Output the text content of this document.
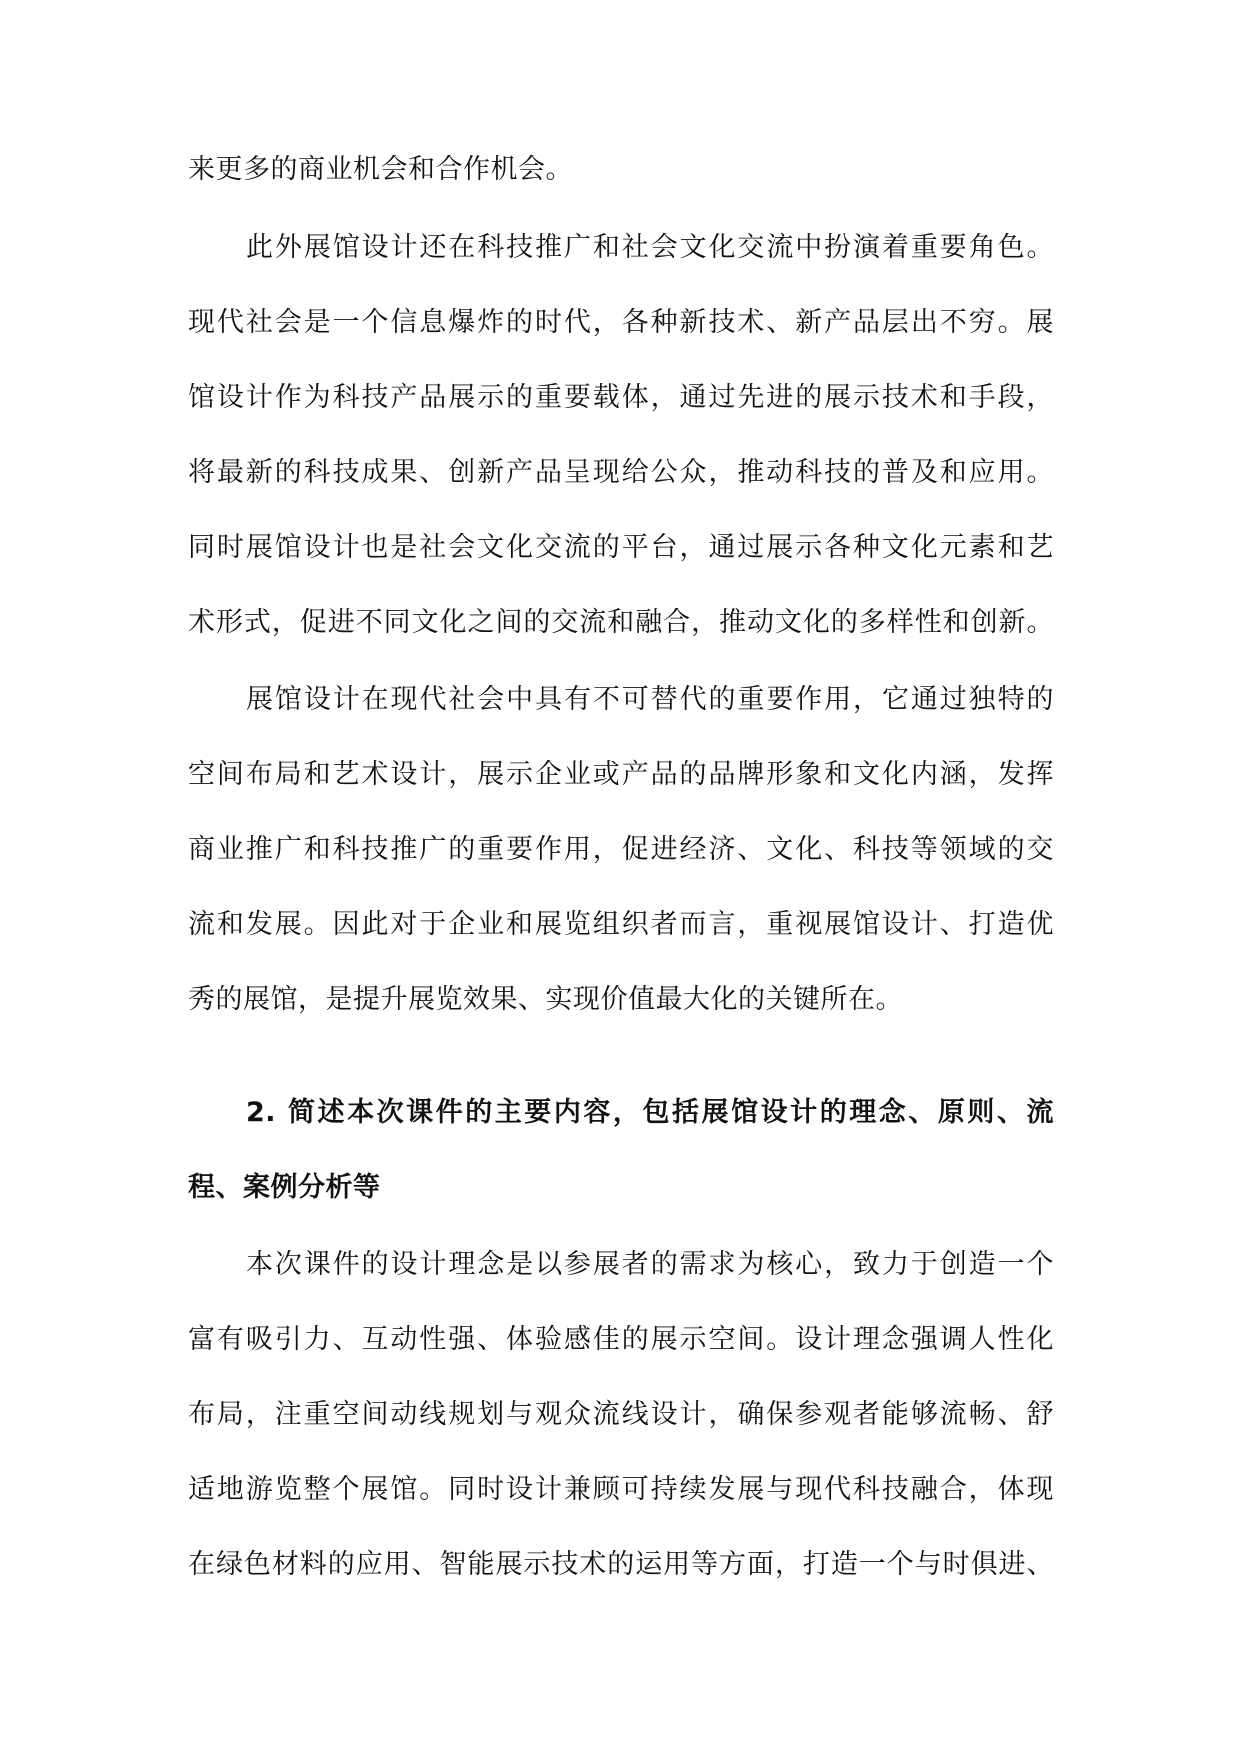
来更多的商业机会和合作机会。
此外展馆设计还在科技推广和社会文化交流中扮演着重要角色。
现代社会是一个信息爆炸的时代，各种新技术、新产品层出不穷。展
馆设计作为科技产品展示的重要载体，通过先进的展示技术和手段，
将最新的科技成果、创新产品呈现给公众，推动科技的普及和应用。
同时展馆设计也是社会文化交流的平台，通过展示各种文化元素和艺
术形式，促进不同文化之间的交流和融合，推动文化的多样性和创新。
展馆设计在现代社会中具有不可替代的重要作用，它通过独特的
空间布局和艺术设计，展示企业或产品的品牌形象和文化内涵，发挥
商业推广和科技推广的重要作用，促进经济、文化、科技等领域的交
流和发展。因此对于企业和展览组织者而言，重视展馆设计、打造优
秀的展馆，是提升展览效果、实现价值最大化的关键所在。
2. 简述本次课件的主要内容，包括展馆设计的理念、原则、流
程、案例分析等
本次课件的设计理念是以参展者的需求为核心，致力于创造一个
富有吸引力、互动性强、体验感佳的展示空间。设计理念强调人性化
布局，注重空间动线规划与观众流线设计，确保参观者能够流畅、舒
适地游览整个展馆。同时设计兼顾可持续发展与现代科技融合，体现
在绿色材料的应用、智能展示技术的运用等方面，打造一个与时俱进、
